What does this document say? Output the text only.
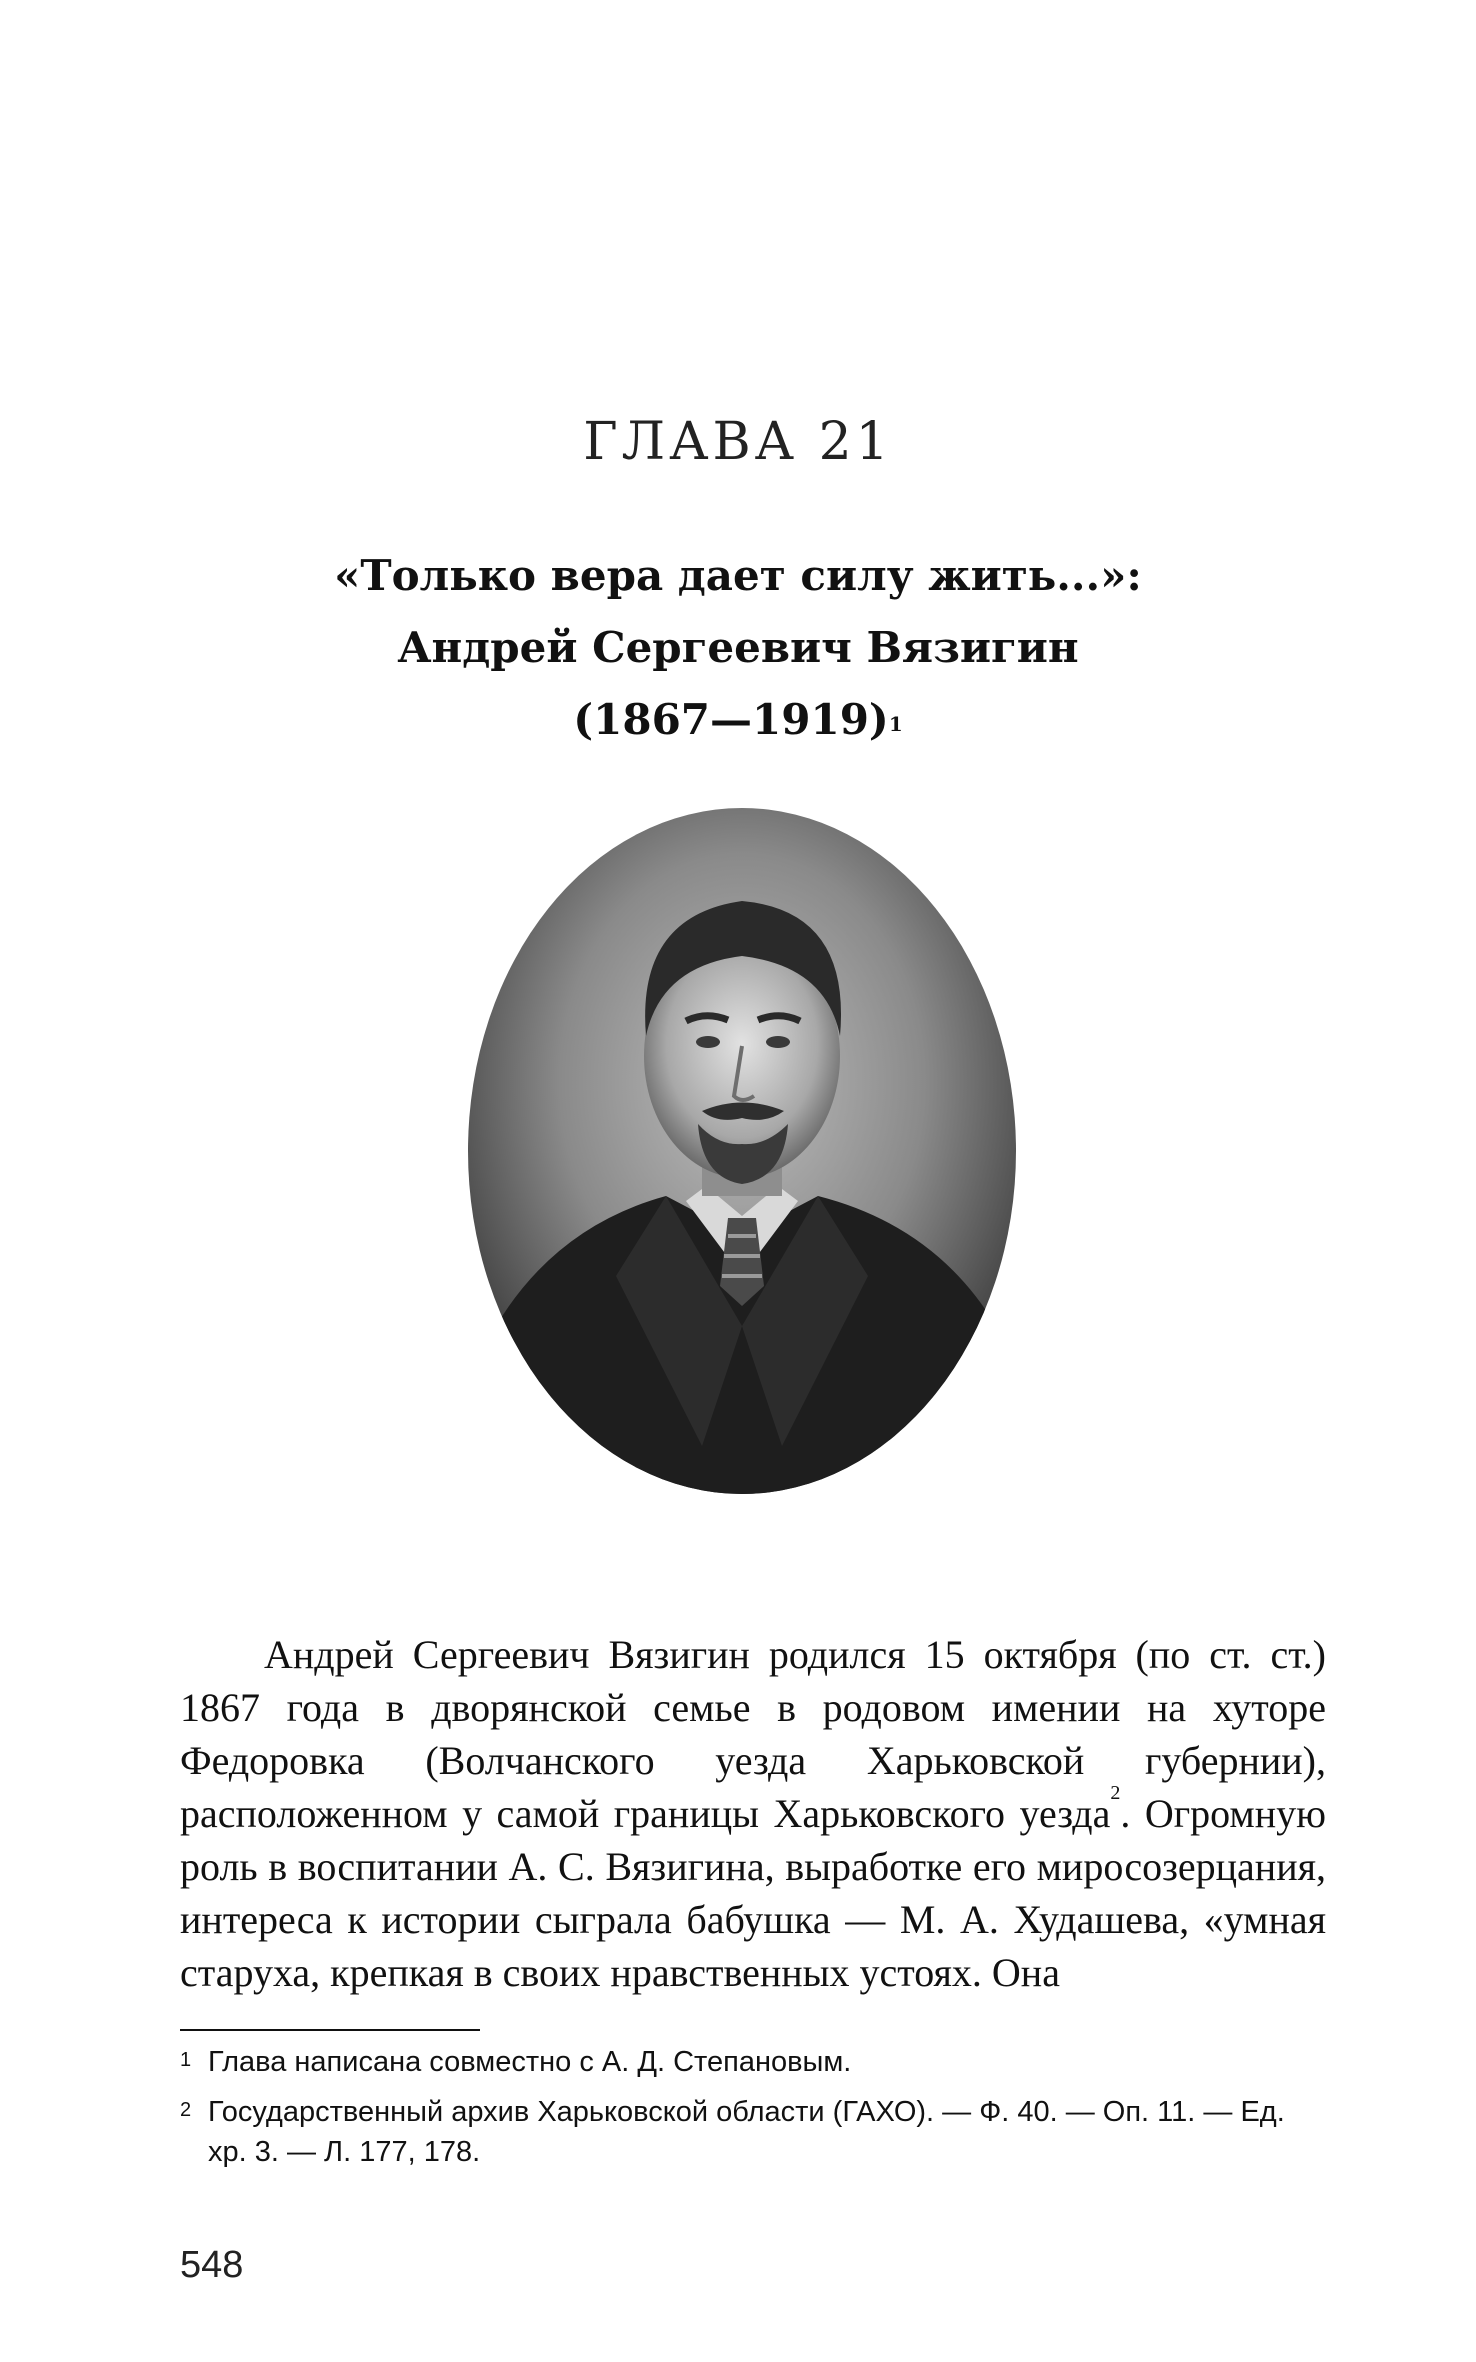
ГЛАВА 21
«Только вера дает силу жить...»:
Андрей Сергеевич Вязигин
(1867—1919)$^1$

Андрей Сергеевич Вязигин родился 15 октября (по ст. ст.) 1867 года в дворянской семье в родовом имении на хуторе Федоровка (Волчанского уезда Харьковской губернии), расположенном у самой границы Харьковского уезда$^2$. Огромную роль в воспитании А. С. Вязигина, выработке его миросозерцания, интереса к истории сыграла бабушка — М. А. Худашева, «умная старуха, крепкая в своих нравственных устоях. Она

1 Глава написана совместно с А. Д. Степановым.
2 Государственный архив Харьковской области (ГАХО). — Ф. 40. — Оп. 11. — Ед. хр. 3. — Л. 177, 178.
548
